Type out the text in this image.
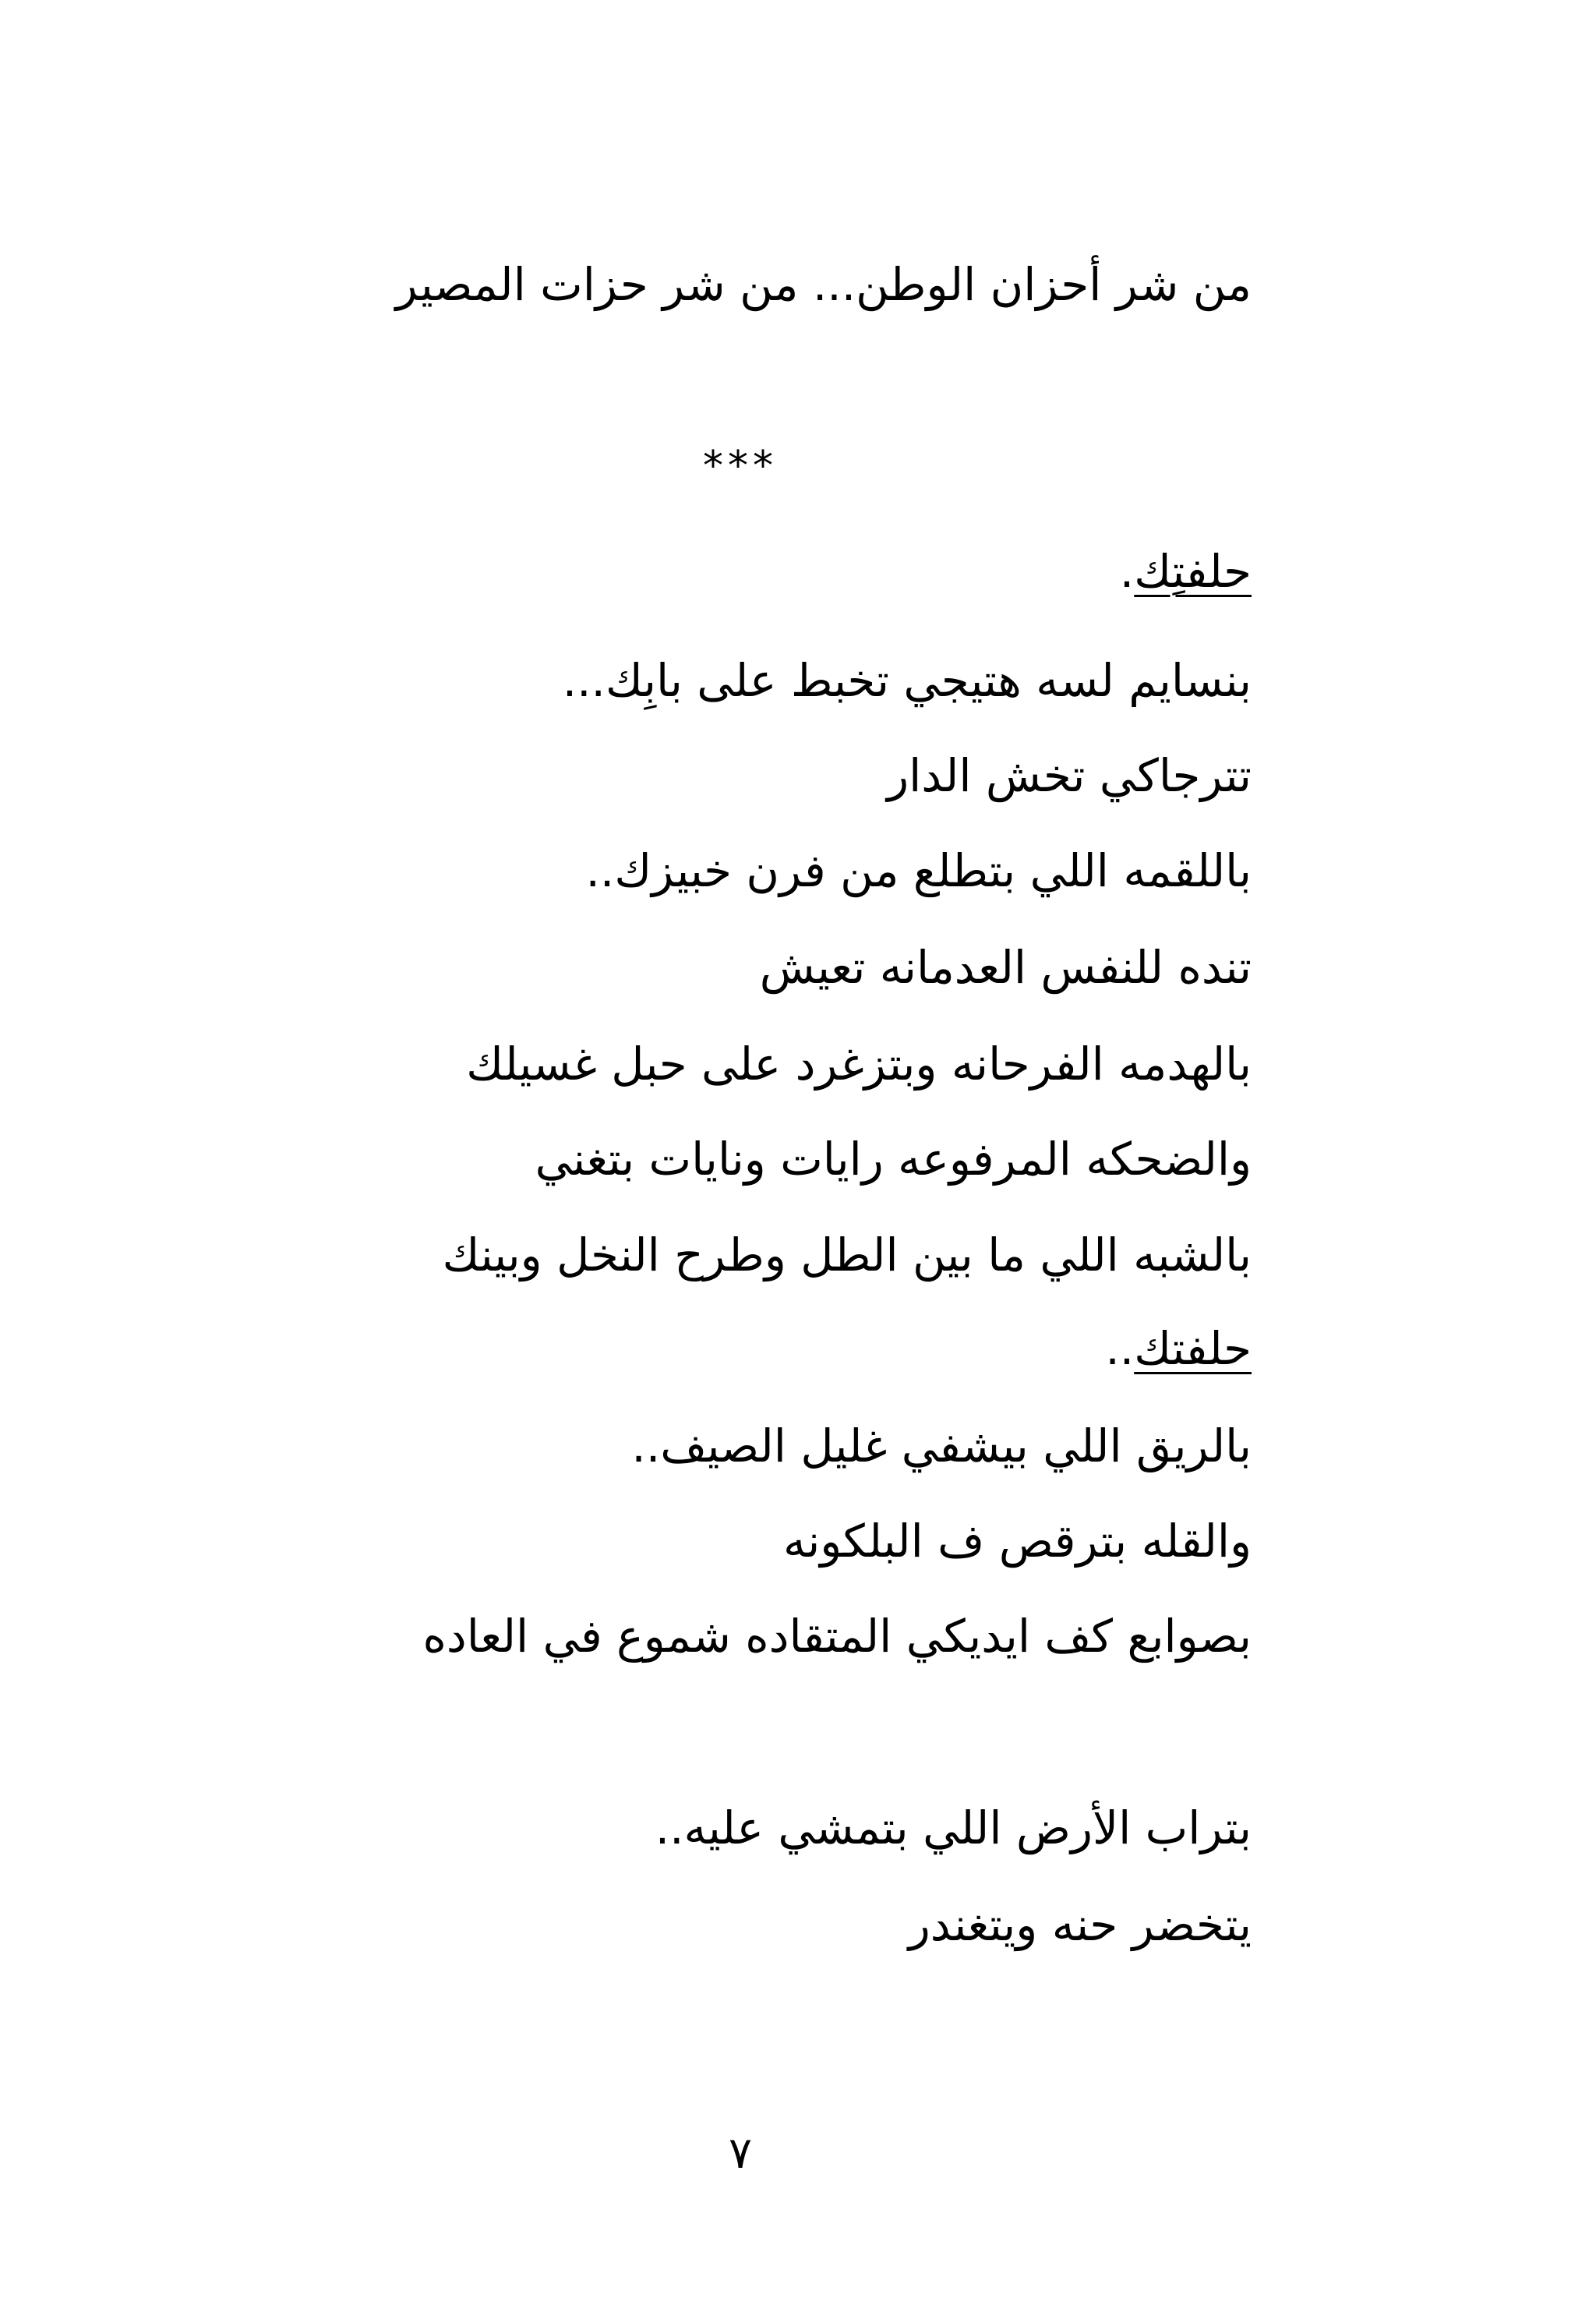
من شر أحزان الوطن... من شر حزات المصير
***
حلفتِك.
بنسايم لسه هتيجي تخبط على بابِك...
تترجاكي تخش الدار
باللقمه اللي بتطلع من فرن خبيزك..
تنده للنفس العدمانه تعيش
بالهدمه الفرحانه وبتزغرد على حبل غسيلك
والضحكه المرفوعه رايات ونايات بتغني
بالشبه اللي ما بين الطل وطرح النخل وبينك
حلفتك..
بالريق اللي بيشفي غليل الصيف..
والقله بترقص ف البلكونه
بصوابع كف ايديكي المتقاده شموع في العاده
بتراب الأرض اللي بتمشي عليه..
يتخضر حنه ويتغندر
٧
